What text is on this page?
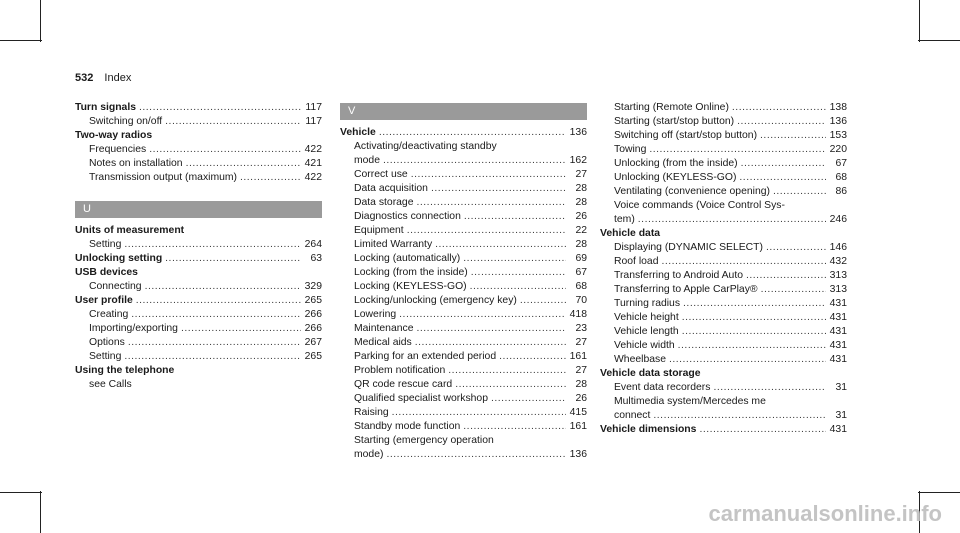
532 Index
Turn signals .....	117
Switching on/off .....	117
Two-way radios
Frequencies .....	422
Notes on installation .....	421
Transmission output (maximum) .....	422
U
Units of measurement
Setting .....	264
Unlocking setting .....	63
USB devices
Connecting .....	329
User profile .....	265
Creating .....	266
Importing/exporting .....	266
Options .....	267
Setting .....	265
Using the telephone
see Calls
V
Vehicle .....	136
Activating/deactivating standby
mode .....	162
Correct use .....	27
Data acquisition .....	28
Data storage .....	28
Diagnostics connection .....	26
Equipment .....	22
Limited Warranty .....	28
Locking (automatically) .....	69
Locking (from the inside) .....	67
Locking (KEYLESS-GO) .....	68
Locking/unlocking (emergency key) .....	70
Lowering .....	418
Maintenance .....	23
Medical aids .....	27
Parking for an extended period .....	161
Problem notification .....	27
QR code rescue card .....	28
Qualified specialist workshop .....	26
Raising .....	415
Standby mode function .....	161
Starting (emergency operation
mode) .....	136
Starting (Remote Online) .....	138
Starting (start/stop button) .....	136
Switching off (start/stop button) .....	153
Towing .....	220
Unlocking (from the inside) .....	67
Unlocking (KEYLESS-GO) .....	68
Ventilating (convenience opening) .....	86
Voice commands (Voice Control Sys-
tem) .....	246
Vehicle data
Displaying (DYNAMIC SELECT) .....	146
Roof load .....	432
Transferring to Android Auto .....	313
Transferring to Apple CarPlay® .....	313
Turning radius .....	431
Vehicle height .....	431
Vehicle length .....	431
Vehicle width .....	431
Wheelbase .....	431
Vehicle data storage
Event data recorders .....	31
Multimedia system/Mercedes me
connect .....	31
Vehicle dimensions .....	431
carmanualsonline.info
